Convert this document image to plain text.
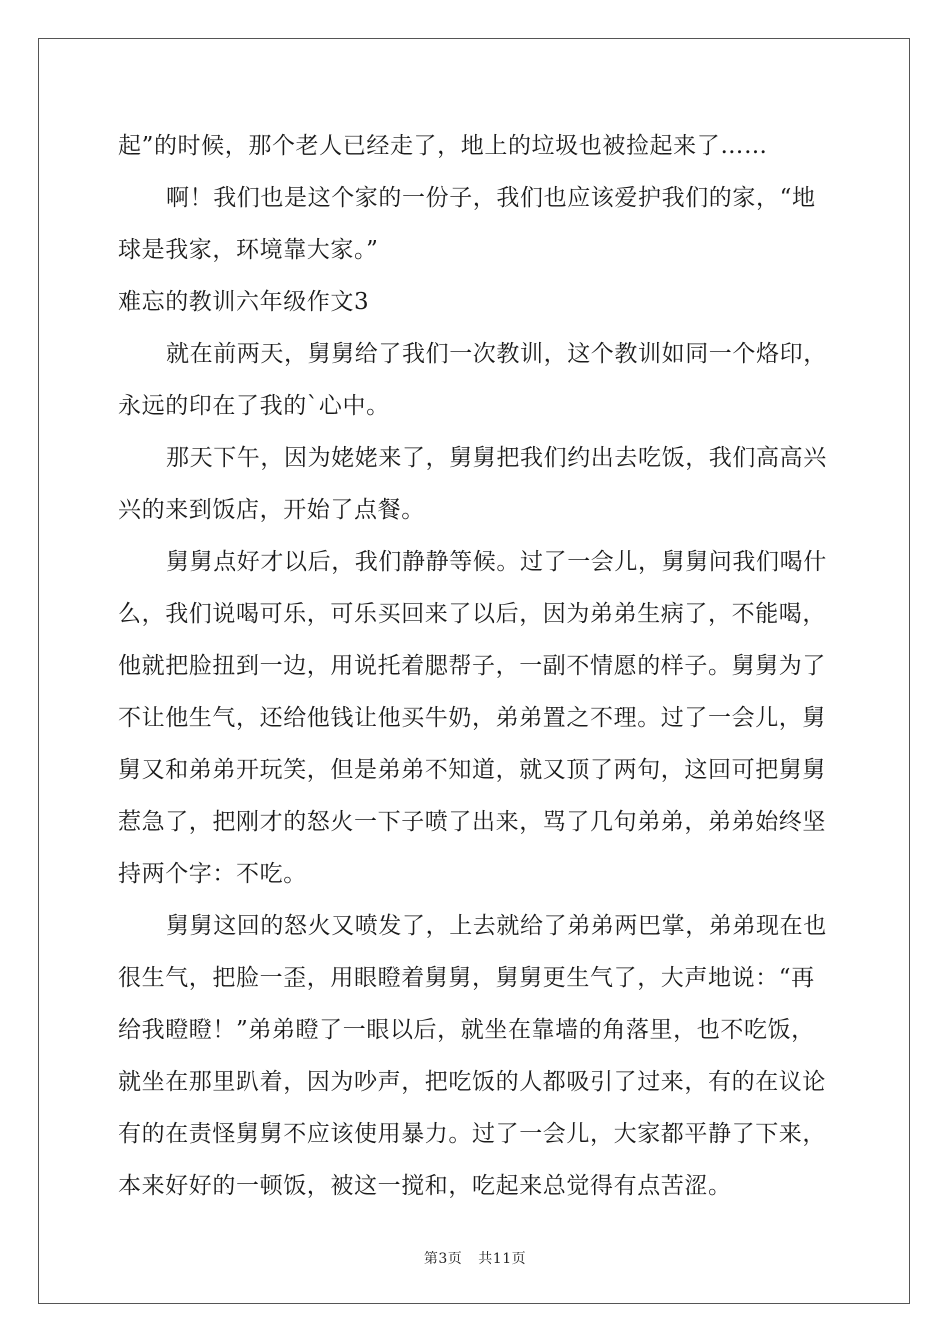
起”的时候，那个老人已经走了，地上的垃圾也被捡起来了……
啊！我们也是这个家的一份子，我们也应该爱护我们的家，“地
球是我家，环境靠大家。”
难忘的教训六年级作文3
就在前两天，舅舅给了我们一次教训，这个教训如同一个烙印，
永远的印在了我的`心中。
那天下午，因为姥姥来了，舅舅把我们约出去吃饭，我们高高兴
兴的来到饭店，开始了点餐。
舅舅点好才以后，我们静静等候。过了一会儿，舅舅问我们喝什
么，我们说喝可乐，可乐买回来了以后，因为弟弟生病了，不能喝，
他就把脸扭到一边，用说托着腮帮子，一副不情愿的样子。舅舅为了
不让他生气，还给他钱让他买牛奶，弟弟置之不理。过了一会儿，舅
舅又和弟弟开玩笑，但是弟弟不知道，就又顶了两句，这回可把舅舅
惹急了，把刚才的怒火一下子喷了出来，骂了几句弟弟，弟弟始终坚
持两个字：不吃。
舅舅这回的怒火又喷发了，上去就给了弟弟两巴掌，弟弟现在也
很生气，把脸一歪，用眼瞪着舅舅，舅舅更生气了，大声地说：“再
给我瞪瞪！”弟弟瞪了一眼以后，就坐在靠墙的角落里，也不吃饭，
就坐在那里趴着，因为吵声，把吃饭的人都吸引了过来，有的在议论
有的在责怪舅舅不应该使用暴力。过了一会儿，大家都平静了下来，
本来好好的一顿饭，被这一搅和，吃起来总觉得有点苦涩。
第3页 共11页
